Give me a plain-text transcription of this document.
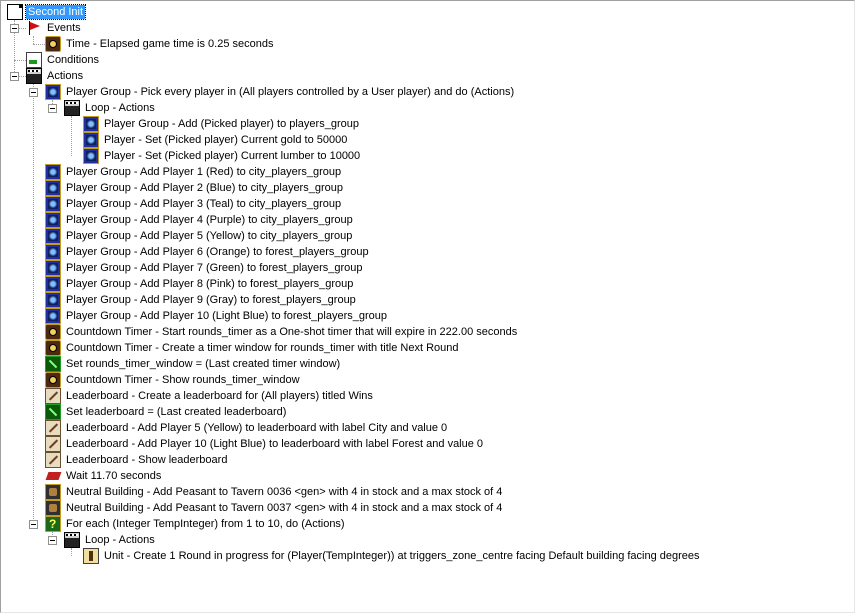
Second Init
Events
Time - Elapsed game time is 0.25 seconds
Conditions
Actions
Player Group - Pick every player in (All players controlled by a User player) and do (Actions)
Loop - Actions
Player Group - Add (Picked player) to players_group
Player - Set (Picked player) Current gold to 50000
Player - Set (Picked player) Current lumber to 10000
Player Group - Add Player 1 (Red) to city_players_group
Player Group - Add Player 2 (Blue) to city_players_group
Player Group - Add Player 3 (Teal) to city_players_group
Player Group - Add Player 4 (Purple) to city_players_group
Player Group - Add Player 5 (Yellow) to city_players_group
Player Group - Add Player 6 (Orange) to forest_players_group
Player Group - Add Player 7 (Green) to forest_players_group
Player Group - Add Player 8 (Pink) to forest_players_group
Player Group - Add Player 9 (Gray) to forest_players_group
Player Group - Add Player 10 (Light Blue) to forest_players_group
Countdown Timer - Start rounds_timer as a One-shot timer that will expire in 222.00 seconds
Countdown Timer - Create a timer window for rounds_timer with title Next Round
Set rounds_timer_window = (Last created timer window)
Countdown Timer - Show rounds_timer_window
Leaderboard - Create a leaderboard for (All players) titled Wins
Set leaderboard = (Last created leaderboard)
Leaderboard - Add Player 5 (Yellow) to leaderboard with label City and value 0
Leaderboard - Add Player 10 (Light Blue) to leaderboard with label Forest and value 0
Leaderboard - Show leaderboard
Wait 11.70 seconds
Neutral Building - Add Peasant to Tavern 0036 <gen> with 4 in stock and a max stock of 4
Neutral Building - Add Peasant to Tavern 0037 <gen> with 4 in stock and a max stock of 4
?
For each (Integer TempInteger) from 1 to 10, do (Actions)
Loop - Actions
Unit - Create 1 Round in progress for (Player(TempInteger)) at triggers_zone_centre facing Default building facing degrees
